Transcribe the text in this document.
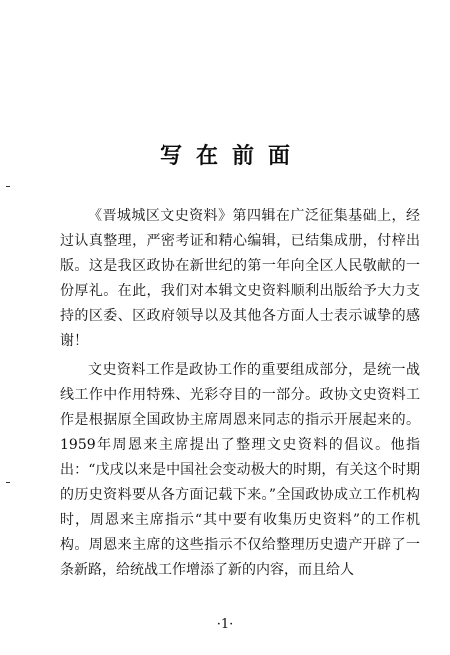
写在前面

《晋城城区文史资料》第四辑在广泛征集基础上，经过认真整理，严密考证和精心编辑，已结集成册，付梓出版。这是我区政协在新世纪的第一年向全区人民敬献的一份厚礼。在此，我们对本辑文史资料顺利出版给予大力支持的区委、区政府领导以及其他各方面人士表示诚挚的感谢！

文史资料工作是政协工作的重要组成部分，是统一战线工作中作用特殊、光彩夺目的一部分。政协文史资料工作是根据原全国政协主席周恩来同志的指示开展起来的。1959年周恩来主席提出了整理文史资料的倡议。他指出：“戊戌以来是中国社会变动极大的时期，有关这个时期的历史资料要从各方面记载下来。”全国政协成立工作机构时，周恩来主席指示“其中要有收集历史资料”的工作机构。周恩来主席的这些指示不仅给整理历史遗产开辟了一条新路，给统战工作增添了新的内容，而且给人

·1·
